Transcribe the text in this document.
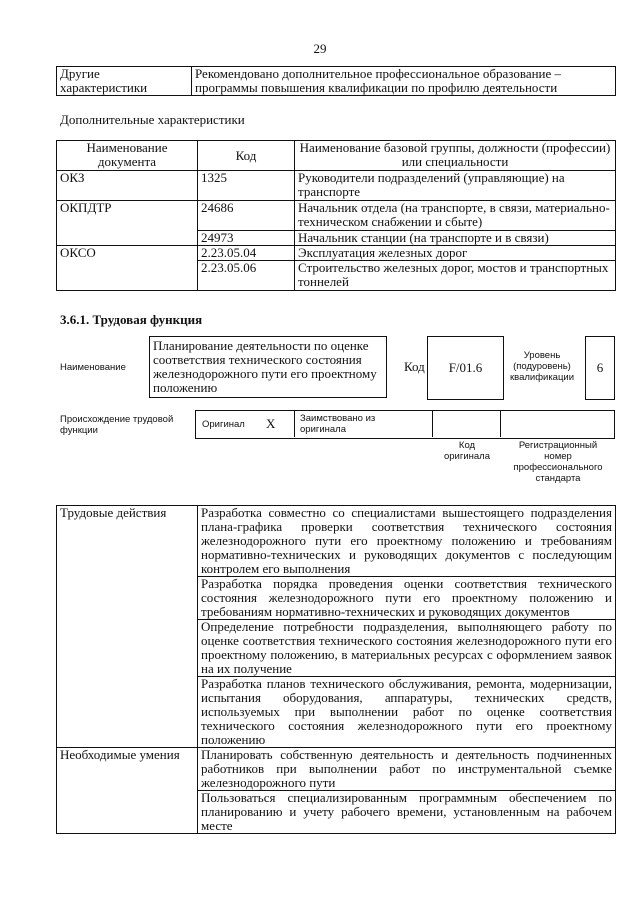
29
Другие характеристики	Рекомендовано дополнительное профессиональное образование – программы повышения квалификации по профилю деятельности
Дополнительные характеристики
Наименование документа	Код	Наименование базовой группы, должности (профессии) или специальности
ОКЗ	1325	Руководители подразделений (управляющие) на транспорте
ОКПДТР	24686	Начальник отдела (на транспорте, в связи, материально-техническом снабжении и сбыте)
	24973	Начальник станции (на транспорте и в связи)
ОКСО	2.23.05.04	Эксплуатация железных дорог
	2.23.05.06	Строительство железных дорог, мостов и транспортных тоннелей
3.6.1. Трудовая функция
Наименование
Планирование деятельности по оценке соответствия технического состояния железнодорожного пути его проектному положению
Код	F/01.6
Уровень (подуровень) квалификации
6
Происхождение трудовой функции
Оригинал X	Заимствовано из оригинала
Код оригинала
Регистрационный номер профессионального стандарта
Трудовые действия	Разработка совместно со специалистами вышестоящего подразделения плана-графика проверки соответствия технического состояния железнодорожного пути его проектному положению и требованиям нормативно-технических и руководящих документов с последующим контролем его выполнения
	Разработка порядка проведения оценки соответствия технического состояния железнодорожного пути его проектному положению и требованиям нормативно-технических и руководящих документов
	Определение потребности подразделения, выполняющего работу по оценке соответствия технического состояния железнодорожного пути его проектному положению, в материальных ресурсах с оформлением заявок на их получение
	Разработка планов технического обслуживания, ремонта, модернизации, испытания оборудования, аппаратуры, технических средств, используемых при выполнении работ по оценке соответствия технического состояния железнодорожного пути его проектному положению
Необходимые умения	Планировать собственную деятельность и деятельность подчиненных работников при выполнении работ по инструментальной съемке железнодорожного пути
	Пользоваться специализированным программным обеспечением по планированию и учету рабочего времени, установленным на рабочем месте
